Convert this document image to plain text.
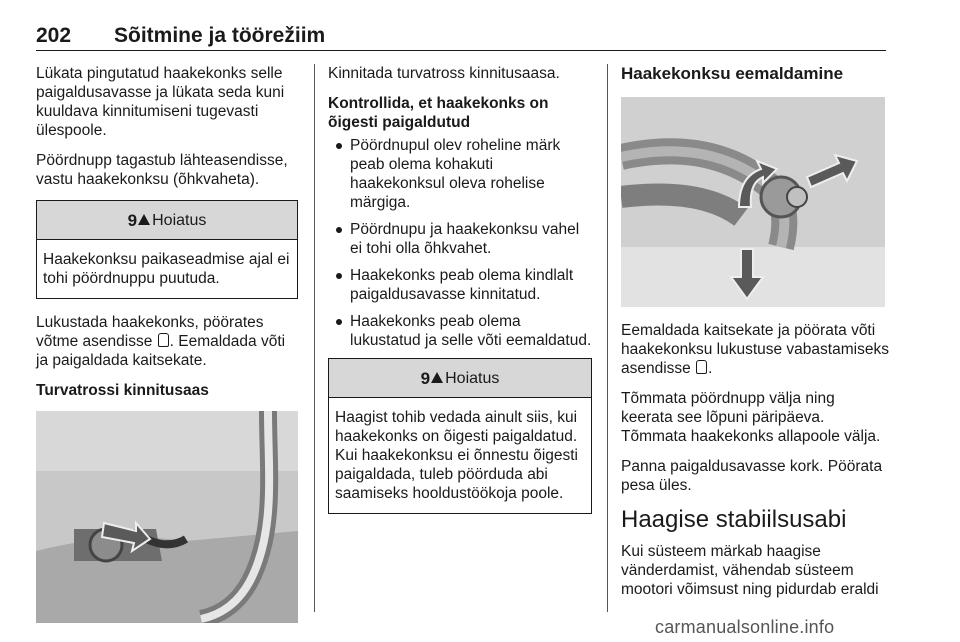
202 Sõitmine ja töörežiim

Lükata pingutatud haakekonks selle paigaldusavasse ja lükata seda kuni kuuldava kinnitumiseni tugevasti ülespoole.

Pöördnupp tagastub lähteasendisse, vastu haakekonksu (õhkvaheta).

9 Hoiatus
Haakekonksu paikaseadmise ajal ei tohi pöördnuppu puutuda.

Lukustada haakekonks, pöörates võtme asendisse . Eemaldada võti ja paigaldada kaitsekate.

Turvatrossi kinnitusaas

Kinnitada turvatross kinnitusaasa.

Kontrollida, et haakekonks on õigesti paigaldutud

Pöördnupul olev roheline märk peab olema kohakuti haakekonksul oleva rohelise märgiga.
Pöördnupu ja haakekonksu vahel ei tohi olla õhkvahet.
Haakekonks peab olema kindlalt paigaldusavasse kinnitatud.
Haakekonks peab olema lukustatud ja selle võti eemaldatud.
9 Hoiatus
Haagist tohib vedada ainult siis, kui haakekonks on õigesti paigaldatud. Kui haakekonksu ei õnnestu õigesti paigaldada, tuleb pöörduda abi saamiseks hooldustöökoja poole.

Haakekonksu eemaldamine

Eemaldada kaitsekate ja pöörata võti haakekonksu lukustuse vabastamiseks asendisse .

Tõmmata pöördnupp välja ning keerata see lõpuni päripäeva. Tõmmata haakekonks allapoole välja.

Panna paigaldusavasse kork. Pöörata pesa üles.

Haagise stabiilsusabi

Kui süsteem märkab haagise vänderdamist, vähendab süsteem mootori võimsust ning pidurdab eraldi

carmanualsonline.info
